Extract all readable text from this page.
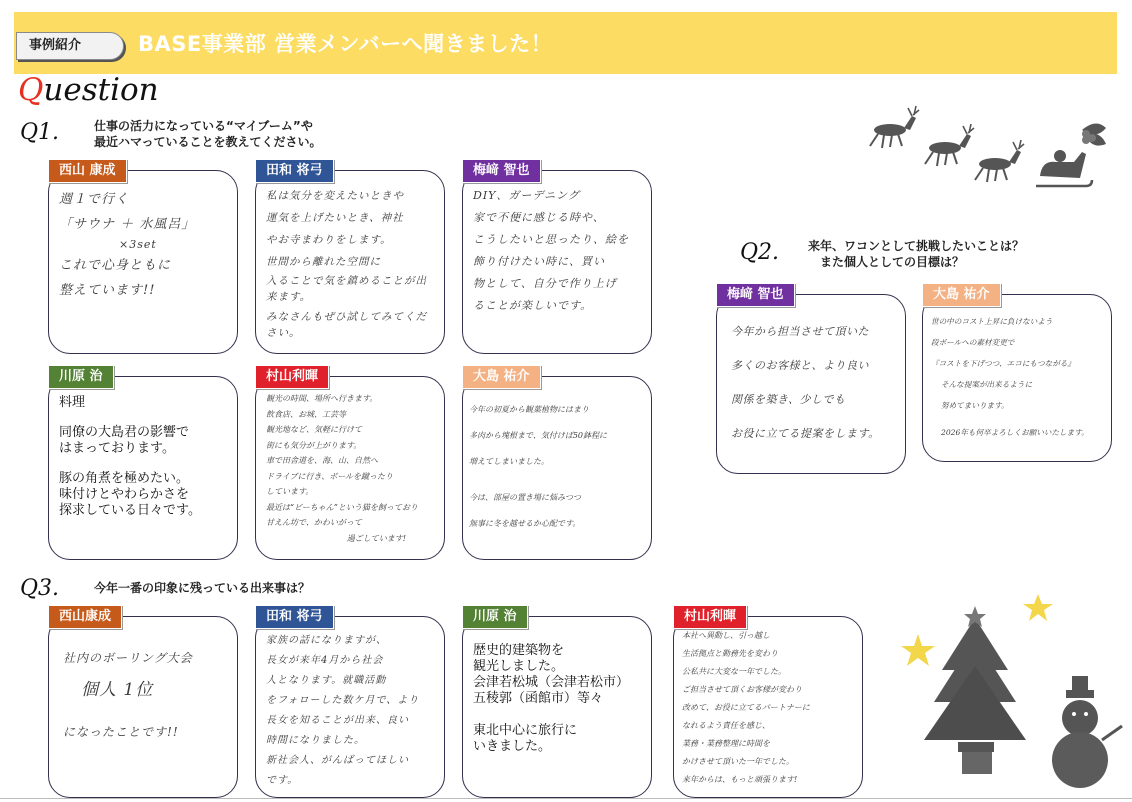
事例紹介	BASE事業部 営業メンバーへ聞きました！
Question
Q1.	仕事の活力になっている“マイブーム”や
最近ハマっていることを教えてください。
週１で行く
「サウナ ＋ 水風呂」
　　　　　×3set
これで心身ともに
整えています!!
西山 康成
私は気分を変えたいときや
運気を上げたいとき、神社
やお寺まわりをします。
世間から離れた空間に
入ることで気を鎮めることが出来ます。
みなさんもぜひ試してみてください。
田和 将弓
DIY、ガーデニング
家で不便に感じる時や、
こうしたいと思ったり、絵を
飾り付けたい時に、買い
物として、自分で作り上げ
ることが楽しいです。
梅﨑 智也
料理
同僚の大島君の影響で
はまっております。
豚の角煮を極めたい。
味付けとやわらかさを
探求している日々です。
川原 治
観光の時間、場所へ行きます。
飲食店、お城、工芸等
観光地など、気軽に行けて
街にも気分が上がります。
車で田舎道を、海、山、自然へ
ドライブに行き、ボールを蹴ったり
しています。
最近は“ビーちゃん”という猫を飼っており
甘えん坊で、かわいがって
過ごしています!
村山利暉
今年の初夏から観葉植物にはまり
多肉から塊根まで、気付けば50鉢程に
増えてしまいました。
今は、部屋の置き場に悩みつつ
無事に冬を越せるか心配です。
大島 祐介
Q2. 来年、ワコンとして挑戦したいことは？
また個人としての目標は？
今年から担当させて頂いた
多くのお客様と、より良い
関係を築き、少しでも
お役に立てる提案をします。
梅﨑 智也
世の中のコスト上昇に負けないよう
段ボールへの素材変更で
『コストを下げつつ、エコにもつながる』
そんな提案が出来るように
努めてまいります。
2026年も何卒よろしくお願いいたします。
大島 祐介
Q3.	今年一番の印象に残っている出来事は？
社内のボーリング大会
個人 1位
になったことです!!
西山康成
家族の話になりますが、
長女が来年4月から社会
人となります。就職活動
をフォローした数ケ月で、より
長女を知ることが出来、良い
時間になりました。
新社会人、がんばってほしい
です。
田和 将弓
歴史的建築物を
観光しました。
会津若松城（会津若松市）
五稜郭（函館市）等々
東北中心に旅行に
いきました。
川原 治
本社へ異動し、引っ越し
生活拠点と勤務先を変わり
公私共に大変な一年でした。
ご担当させて頂くお客様が変わり
改めて、お役に立てるパートナーに
なれるよう責任を感じ、
業務・業務整理に時間を
かけさせて頂いた一年でした。
来年からは、もっと頑張ります!
村山利暉
